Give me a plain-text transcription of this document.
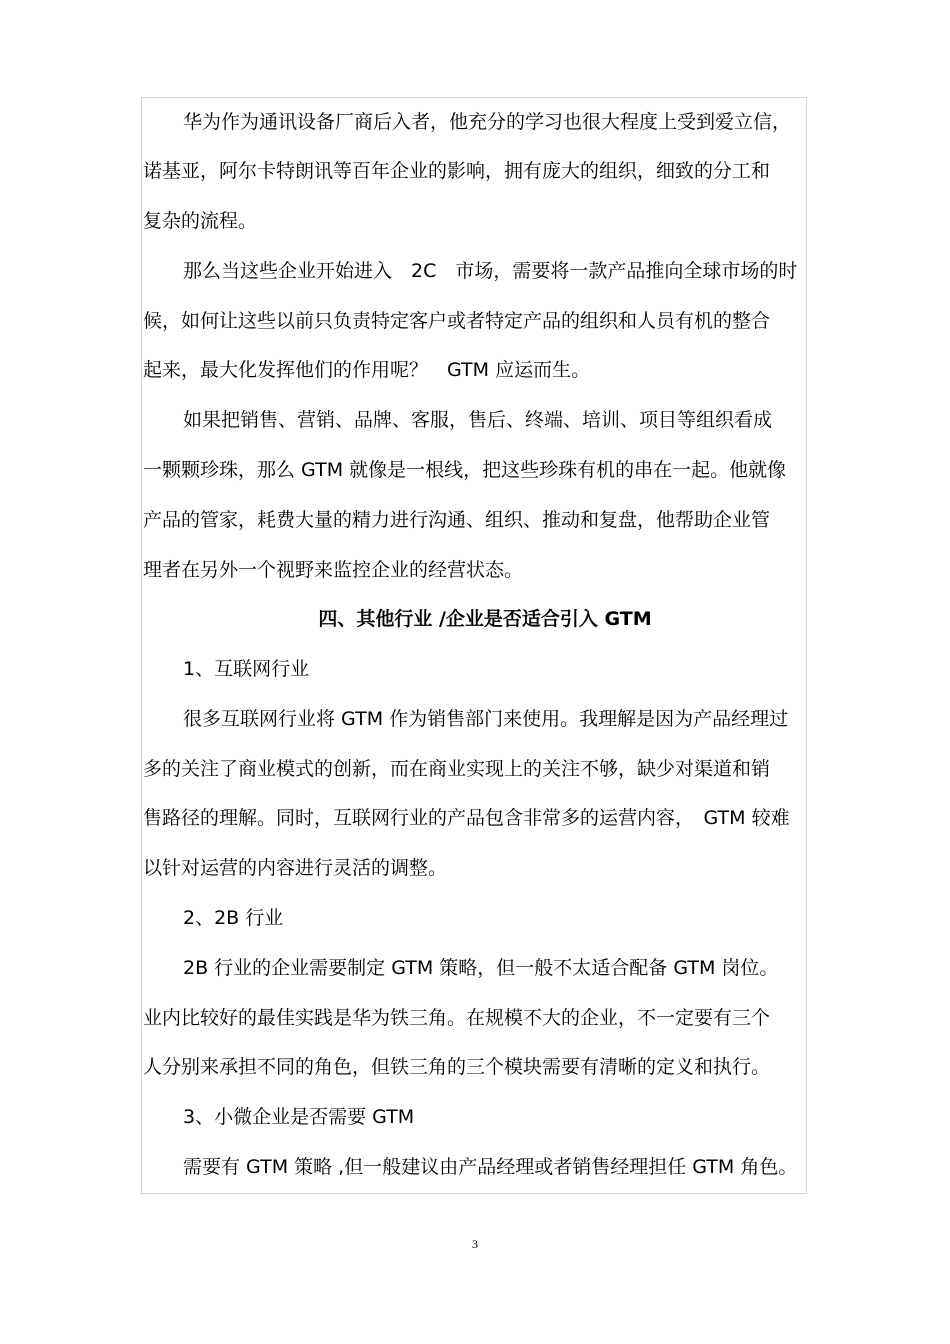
华为作为通讯设备厂商后入者，他充分的学习也很大程度上受到爱立信，
诺基亚，阿尔卡特朗讯等百年企业的影响，拥有庞大的组织，细致的分工和
复杂的流程。
那么当这些企业开始进入　2C　市场，需要将一款产品推向全球市场的时
候，如何让这些以前只负责特定客户或者特定产品的组织和人员有机的整合
起来，最大化发挥他们的作用呢？　GTM 应运而生。
如果把销售、营销、品牌、客服，售后、终端、培训、项目等组织看成
一颗颗珍珠，那么 GTM 就像是一根线，把这些珍珠有机的串在一起。他就像
产品的管家，耗费大量的精力进行沟通、组织、推动和复盘，他帮助企业管
理者在另外一个视野来监控企业的经营状态。
四、其他行业 /企业是否适合引入 GTM
1、互联网行业
很多互联网行业将 GTM 作为销售部门来使用。我理解是因为产品经理过
多的关注了商业模式的创新，而在商业实现上的关注不够，缺少对渠道和销
售路径的理解。同时，互联网行业的产品包含非常多的运营内容，　GTM 较难
以针对运营的内容进行灵活的调整。
2、2B 行业
2B 行业的企业需要制定 GTM 策略，但一般不太适合配备 GTM 岗位。
业内比较好的最佳实践是华为铁三角。在规模不大的企业，不一定要有三个
人分别来承担不同的角色，但铁三角的三个模块需要有清晰的定义和执行。
3、小微企业是否需要 GTM
需要有 GTM 策略 ,但一般建议由产品经理或者销售经理担任 GTM 角色。
3
